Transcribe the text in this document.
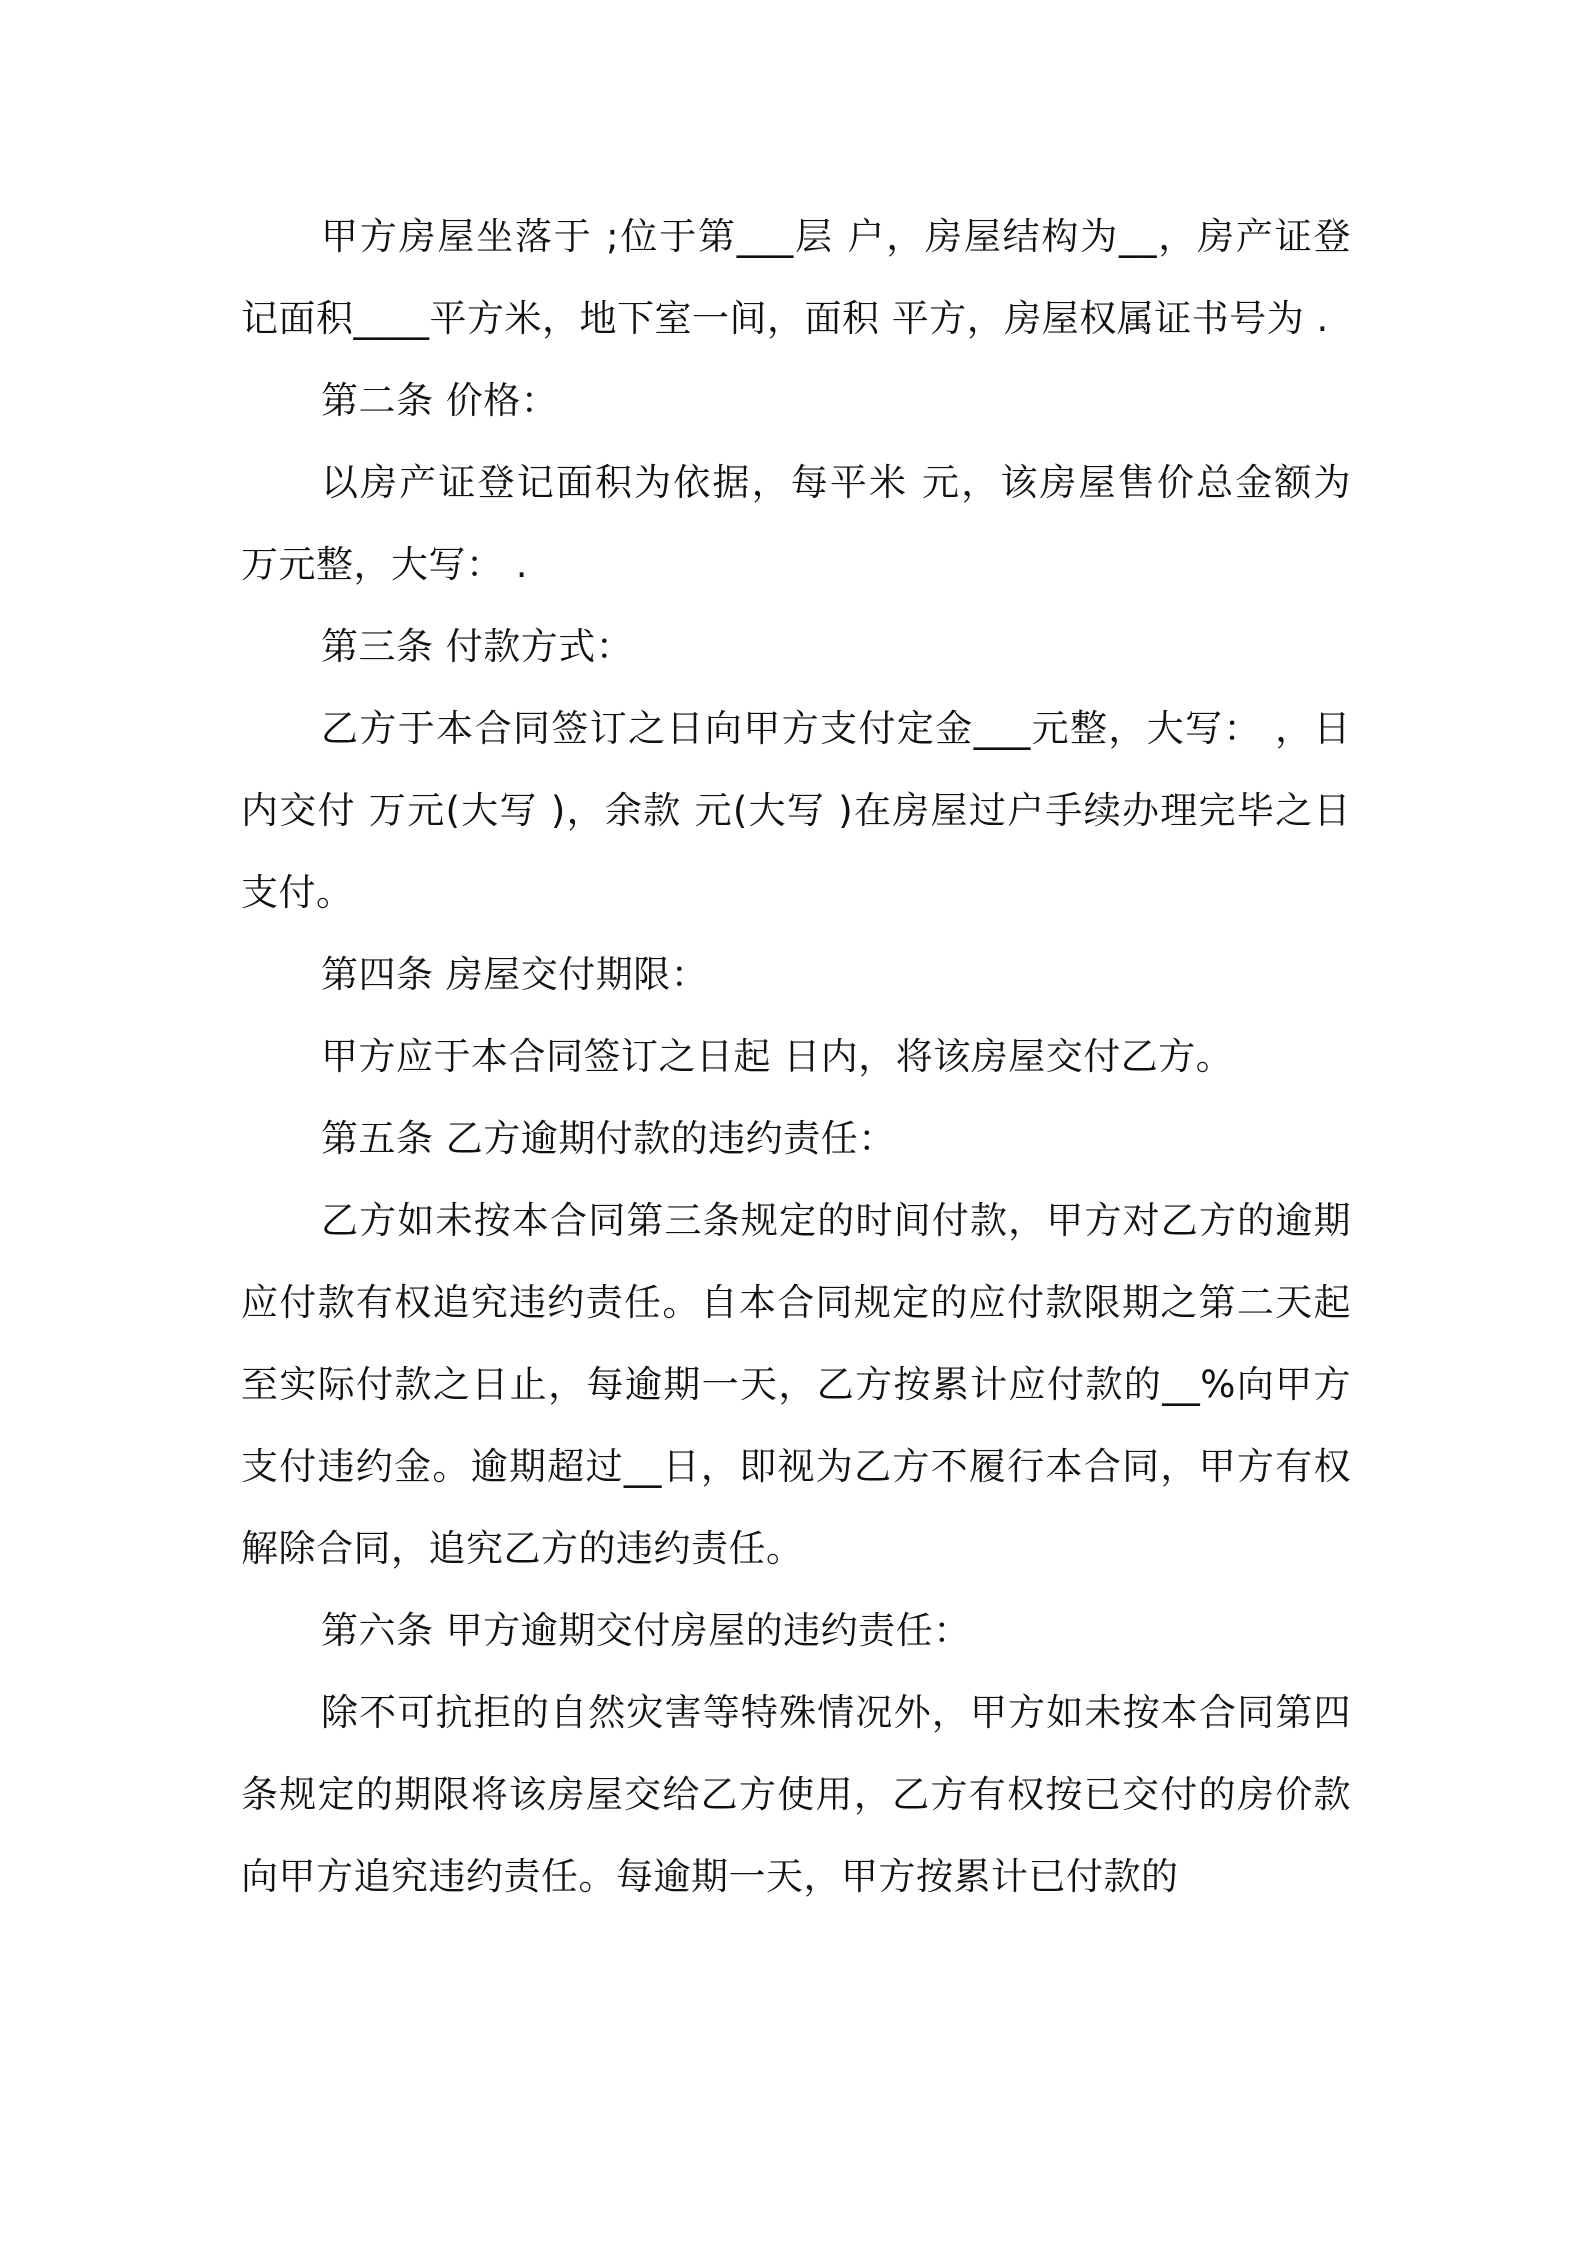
甲方房屋坐落于 ;位于第___层 户，房屋结构为__，房产证登记面积____平方米，地下室一间，面积 平方，房屋权属证书号为 .

第二条 价格：

以房产证登记面积为依据，每平米 元，该房屋售价总金额为 万元整，大写： .

第三条 付款方式：

乙方于本合同签订之日向甲方支付定金___元整，大写： ，日内交付 万元(大写 )，余款 元(大写 )在房屋过户手续办理完毕之日支付。

第四条 房屋交付期限：

甲方应于本合同签订之日起 日内，将该房屋交付乙方。

第五条 乙方逾期付款的违约责任：

乙方如未按本合同第三条规定的时间付款，甲方对乙方的逾期应付款有权追究违约责任。自本合同规定的应付款限期之第二天起至实际付款之日止，每逾期一天，乙方按累计应付款的__%向甲方支付违约金。逾期超过__日，即视为乙方不履行本合同，甲方有权解除合同，追究乙方的违约责任。

第六条 甲方逾期交付房屋的违约责任：

除不可抗拒的自然灾害等特殊情况外，甲方如未按本合同第四条规定的期限将该房屋交给乙方使用，乙方有权按已交付的房价款向甲方追究违约责任。每逾期一天，甲方按累计已付款的
